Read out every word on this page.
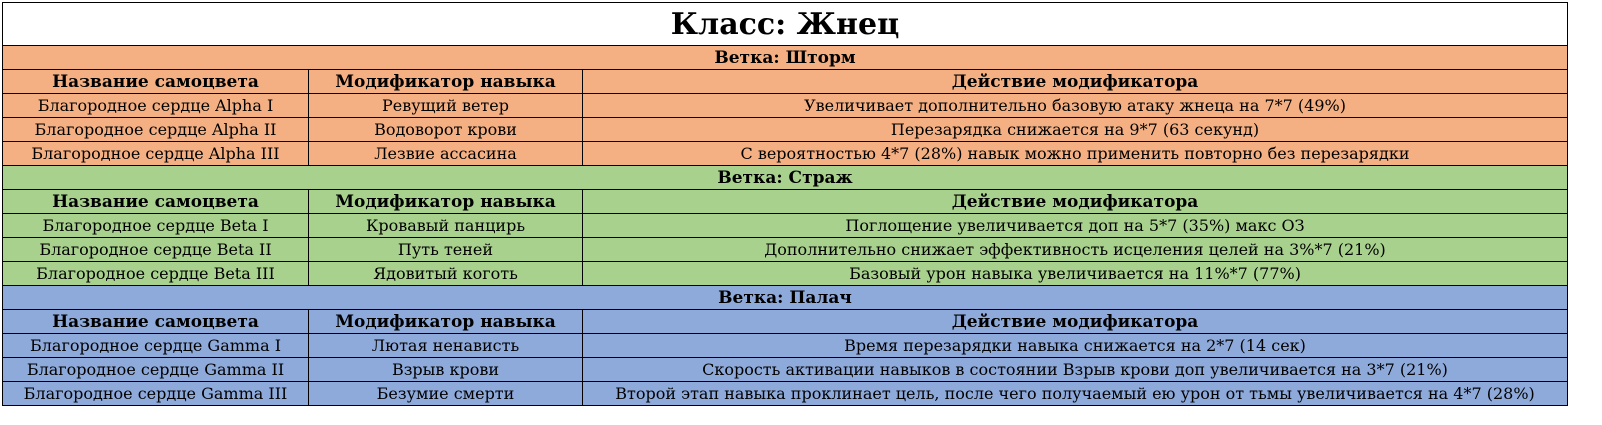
Класс: Жнец		
Ветка: Шторм		
Название самоцвета	Модификатор навыка	Действие модификатора
Благородное сердце Alpha I	Ревущий ветер	Увеличивает дополнительно базовую атаку жнеца на 7*7 (49%)
Благородное сердце Alpha II	Водоворот крови	Перезарядка снижается на 9*7 (63 секунд)
Благородное сердце Alpha III	Лезвие ассасина	С вероятностью 4*7 (28%) навык можно применить повторно без перезарядки
Ветка: Страж		
Название самоцвета	Модификатор навыка	Действие модификатора
Благородное сердце Beta I	Кровавый панцирь	Поглощение увеличивается доп на 5*7 (35%) макс ОЗ
Благородное сердце Beta II	Путь теней	Дополнительно снижает эффективность исцеления целей на 3%*7 (21%)
Благородное сердце Beta III	Ядовитый коготь	Базовый урон навыка увеличивается на 11%*7 (77%)
Ветка: Палач		
Название самоцвета	Модификатор навыка	Действие модификатора
Благородное сердце Gamma I	Лютая ненависть	Время перезарядки навыка снижается на 2*7 (14 сек)
Благородное сердце Gamma II	Взрыв крови	Скорость активации навыков в состоянии Взрыв крови доп увеличивается на 3*7 (21%)
Благородное сердце Gamma III	Безумие смерти	Второй этап навыка проклинает цель, после чего получаемый ею урон от тьмы увеличивается на 4*7 (28%)
